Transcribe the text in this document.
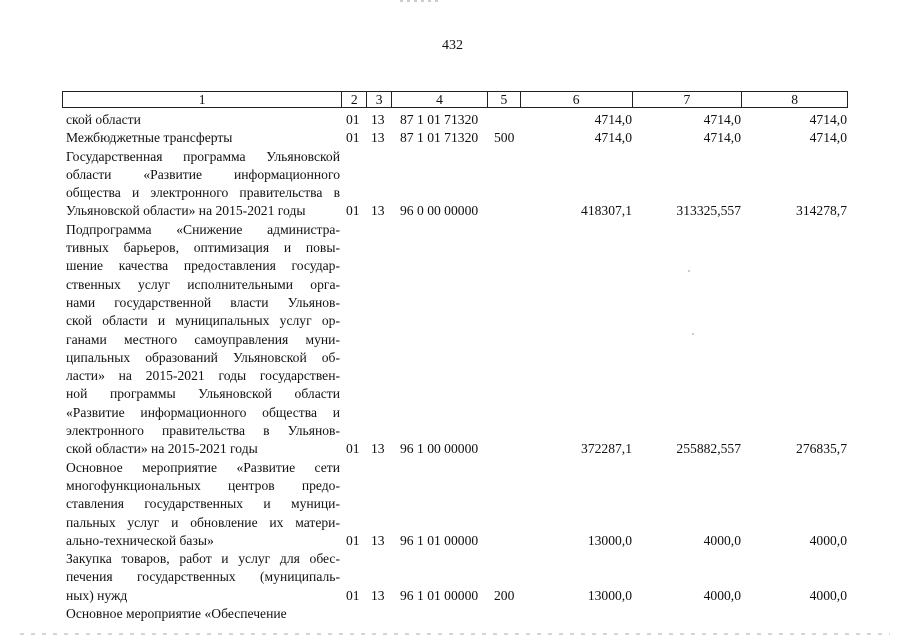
432
1	2	3	4	5	6	7	8
ской области	01 13 87 1 01 71320	4714,0	4714,0	4714,0
Межбюджетные трансферты	01 13 87 1 01 71320 500	4714,0	4714,0	4714,0
Государственная программа Ульяновской
области «Развитие информационного
общества и электронного правительства в
Ульяновской области» на 2015-2021 годы	01 13 96 0 00 00000	418307,1	313325,557	314278,7
Подпрограмма «Снижение администра-
тивных барьеров, оптимизация и повы-
шение качества предоставления государ-
ственных услуг исполнительными орга-
нами государственной власти Ульянов-
ской области и муниципальных услуг ор-
ганами местного самоуправления муни-
ципальных образований Ульяновской об-
ласти» на 2015-2021 годы государствен-
ной программы Ульяновской области
«Развитие информационного общества и
электронного правительства в Ульянов-
ской области» на 2015-2021 годы	01 13 96 1 00 00000	372287,1	255882,557	276835,7
Основное мероприятие «Развитие сети
многофункциональных центров предо-
ставления государственных и муници-
пальных услуг и обновление их матери-
ально-технической базы»	01 13 96 1 01 00000	13000,0	4000,0	4000,0
Закупка товаров, работ и услуг для обес-
печения государственных (муниципаль-
ных) нужд	01 13 96 1 01 00000 200	13000,0	4000,0	4000,0
Основное мероприятие «Обеспечение
